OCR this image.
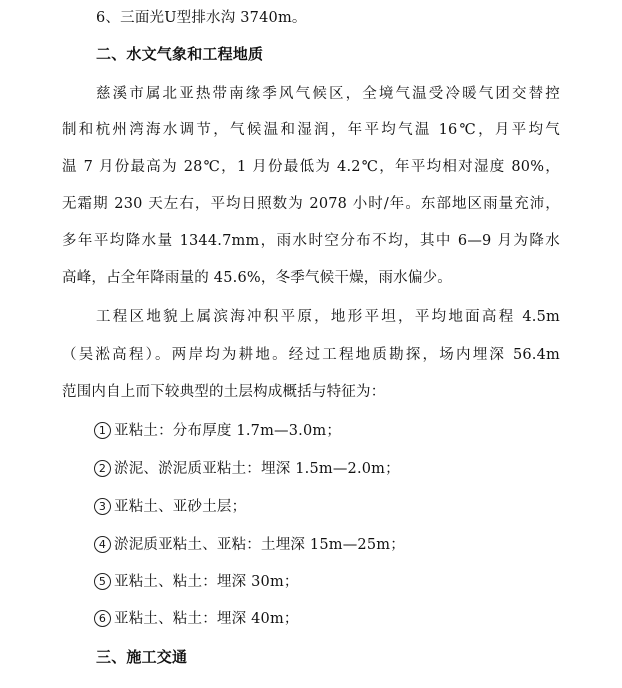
6、三面光U型排水沟 3740m。
二、水文气象和工程地质
慈溪市属北亚热带南缘季风气候区，全境气温受冷暖气团交替控
制和杭州湾海水调节，气候温和湿润，年平均气温 16℃，月平均气
温 7 月份最高为 28℃，1 月份最低为 4.2℃，年平均相对湿度 80%，
无霜期 230 天左右，平均日照数为 2078 小时/年。东部地区雨量充沛，
多年平均降水量 1344.7mm，雨水时空分布不均，其中 6—9 月为降水
高峰，占全年降雨量的 45.6%，冬季气候干燥，雨水偏少。
工程区地貌上属滨海冲积平原，地形平坦，平均地面高程 4.5m
（吴淞高程）。两岸均为耕地。经过工程地质勘探，场内埋深 56.4m
范围内自上而下较典型的土层构成概括与特征为：
1 亚粘土：分布厚度 1.7m—3.0m；
2 淤泥、淤泥质亚粘土：埋深 1.5m—2.0m；
3 亚粘土、亚砂土层；
4 淤泥质亚粘土、亚粘：土埋深 15m—25m；
5 亚粘土、粘土：埋深 30m；
6 亚粘土、粘土：埋深 40m；
三、施工交通
